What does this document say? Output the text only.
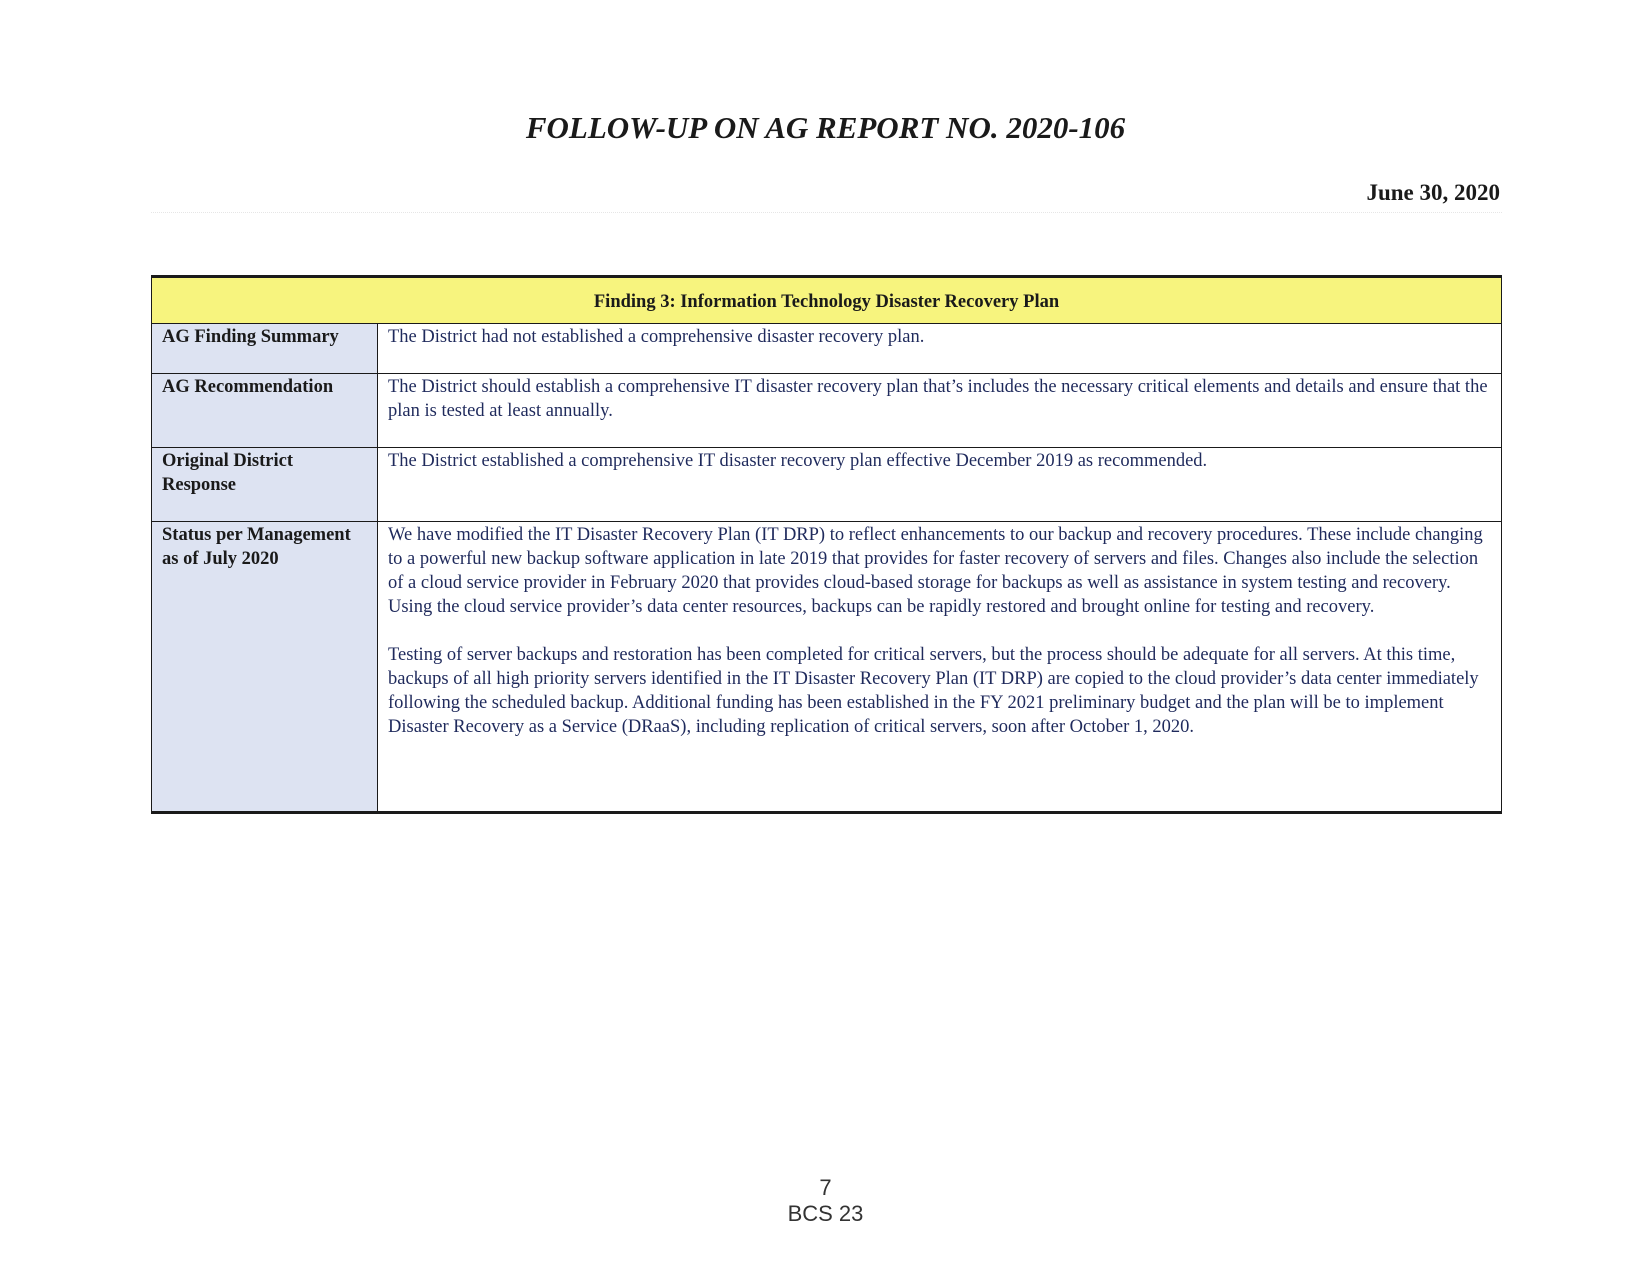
FOLLOW-UP ON AG REPORT NO. 2020-106
June 30, 2020
Finding 3: Information Technology Disaster Recovery Plan	
AG Finding Summary	The District had not established a comprehensive disaster recovery plan.

AG Recommendation	The District should establish a comprehensive IT disaster recovery plan that’s includes the necessary critical elements and details and ensure that the plan is tested at least annually.

Original District Response	The District established a comprehensive IT disaster recovery plan effective December 2019 as recommended.

Status per Management as of July 2020	We have modified the IT Disaster Recovery Plan (IT DRP) to reflect enhancements to our backup and recovery procedures. These include changing to a powerful new backup software application in late 2019 that provides for faster recovery of servers and files. Changes also include the selection of a cloud service provider in February 2020 that provides cloud-based storage for backups as well as assistance in system testing and recovery. Using the cloud service provider’s data center resources, backups can be rapidly restored and brought online for testing and recovery.

Testing of server backups and restoration has been completed for critical servers, but the process should be adequate for all servers. At this time, backups of all high priority servers identified in the IT Disaster Recovery Plan (IT DRP) are copied to the cloud provider’s data center immediately following the scheduled backup. Additional funding has been established in the FY 2021 preliminary budget and the plan will be to implement Disaster Recovery as a Service (DRaaS), including replication of critical servers, soon after October 1, 2020.

7
BCS 23
